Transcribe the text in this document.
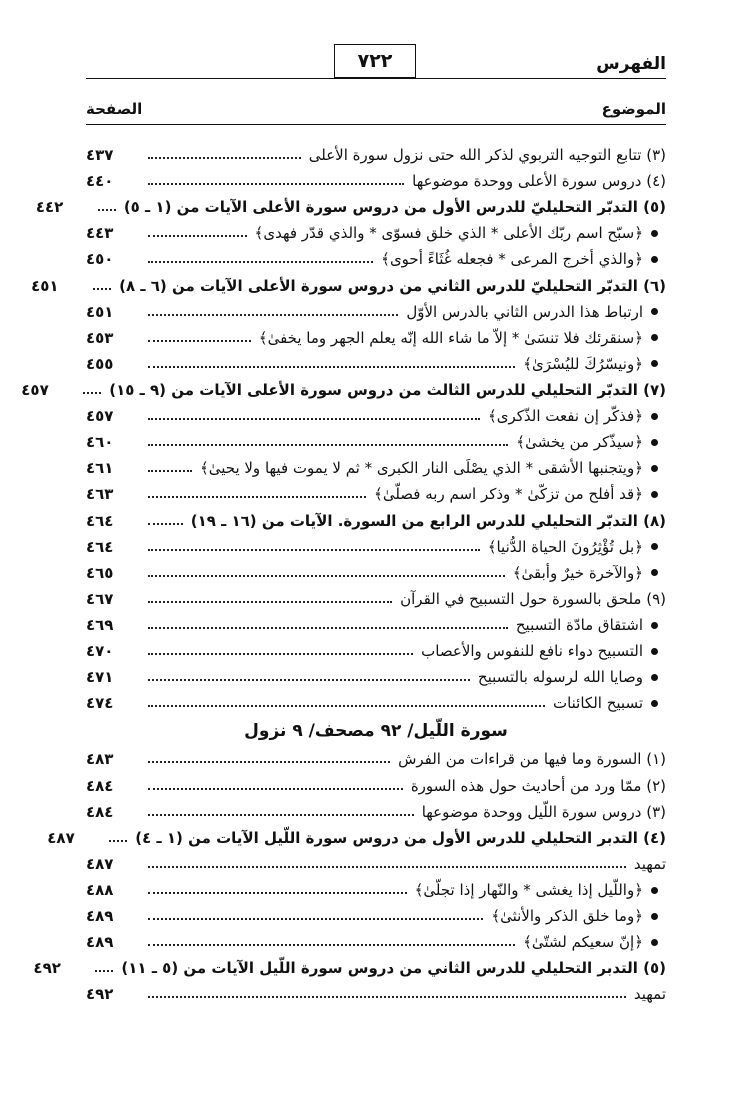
الفهرس
٧٢٢
الموضوع
الصفحة
(٣) تتابع التوجيه التربوي لذكر الله حتى نزول سورة الأعلى
٤٣٧
(٤) دروس سورة الأعلى ووحدة موضوعها
٤٤٠
(٥) التدبّر التحليليّ للدرس الأول من دروس سورة الأعلى الآيات من (١ ـ ٥)
٤٤٢
﴿سبّح اسم ربّك الأعلى * الذي خلق فسوّى * والذي قدّر فهدى﴾
٤٤٣
﴿والذي أخرج المرعى * فجعله غُثَاءً أحوى﴾
٤٥٠
(٦) التدبّر التحليليّ للدرس الثاني من دروس سورة الأعلى الآيات من (٦ ـ ٨)
٤٥١
ارتباط هذا الدرس الثاني بالدرس الأوّل
٤٥١
﴿سنقرئك فلا تنسَىٰ * إلاّ ما شاء الله إنّه يعلم الجهر وما يخفىٰ﴾
٤٥٣
﴿ونيسّرُكَ لليُسْرَىٰ﴾
٤٥٥
(٧) التدبّر التحليلي للدرس الثالث من دروس سورة الأعلى الآيات من (٩ ـ ١٥)
٤٥٧
﴿فذكّر إن نفعت الذّكرى﴾
٤٥٧
﴿سيذّكر من يخشىٰ﴾
٤٦٠
﴿ويتجنبها الأشقى * الذي يصْلَى النار الكبرى * ثم لا يموت فيها ولا يحيىٰ﴾
٤٦١
﴿قد أفلح من تزكّىٰ * وذكر اسم ربه فصلّىٰ﴾
٤٦٣
(٨) التدبّر التحليلي للدرس الرابع من السورة. الآيات من (١٦ ـ ١٩)
٤٦٤
﴿بل تُؤْثِرُونَ الحياة الدُّنيا﴾
٤٦٤
﴿والآخرة خيرٌ وأبقىٰ﴾
٤٦٥
(٩) ملحق بالسورة حول التسبيح في القرآن
٤٦٧
اشتقاق مادّة التسبيح
٤٦٩
التسبيح دواء نافع للنفوس والأعصاب
٤٧٠
وصايا الله لرسوله بالتسبيح
٤٧١
تسبيح الكائنات
٤٧٤
سورة اللّيل/ ٩٢ مصحف/ ٩ نزول
(١) السورة وما فيها من قراءات من الفرش
٤٨٣
(٢) ممّا ورد من أحاديث حول هذه السورة
٤٨٤
(٣) دروس سورة اللّيل ووحدة موضوعها
٤٨٤
(٤) التدبر التحليلي للدرس الأول من دروس سورة اللّيل الآيات من (١ ـ ٤)
٤٨٧
تمهيد
٤٨٧
﴿واللّيل إذا يغشى * والنّهار إذا تجلّىٰ﴾
٤٨٨
﴿وما خلق الذكر والأنثىٰ﴾
٤٨٩
﴿إنّ سعيكم لشتّىٰ﴾
٤٨٩
(٥) التدبر التحليلي للدرس الثاني من دروس سورة اللّيل الآيات من (٥ ـ ١١)
٤٩٢
تمهيد
٤٩٢
